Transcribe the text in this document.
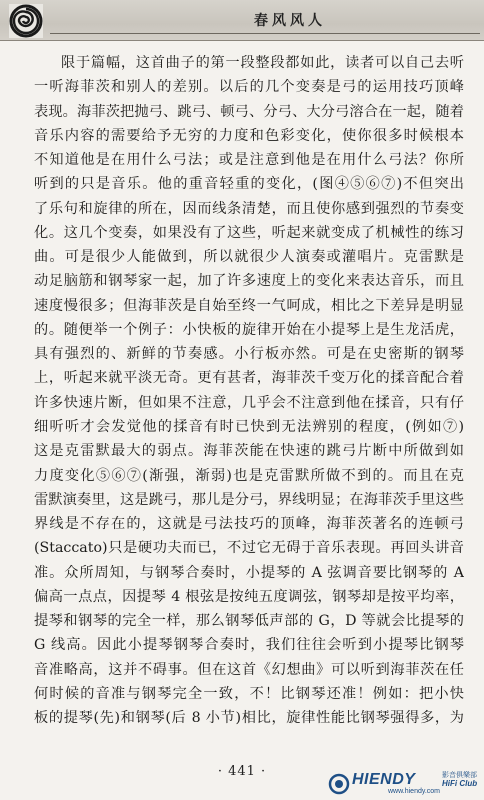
春风风人
限于篇幅，这首曲子的第一段整段都如此，读者可以自己去听
一听海菲茨和别人的差别。以后的几个变奏是弓的运用技巧顶峰
表现。海菲茨把抛弓、跳弓、顿弓、分弓、大分弓溶合在一起，随着
音乐内容的需要给予无穷的力度和色彩变化，使你很多时候根本
不知道他是在用什么弓法；或是注意到他是在用什么弓法？你所
听到的只是音乐。他的重音轻重的变化，(图④⑤⑥⑦)不但突出
了乐句和旋律的所在，因而线条清楚，而且使你感到强烈的节奏变
化。这几个变奏，如果没有了这些，听起来就变成了机械性的练习
曲。可是很少人能做到，所以就很少人演奏或灌唱片。克雷默是
动足脑筋和钢琴家一起，加了许多速度上的变化来表达音乐，而且
速度慢很多；但海菲茨是自始至终一气呵成，相比之下差异是明显
的。随便举一个例子：小快板的旋律开始在小提琴上是生龙活虎，
具有强烈的、新鲜的节奏感。小行板亦然。可是在史密斯的钢琴
上，听起来就平淡无奇。更有甚者，海菲茨千变万化的揉音配合着
许多快速片断，但如果不注意，几乎会不注意到他在揉音，只有仔
细听听才会发觉他的揉音有时已快到无法辨别的程度，(例如⑦)
这是克雷默最大的弱点。海菲茨能在快速的跳弓片断中所做到如
力度变化⑤⑥⑦(渐强，渐弱)也是克雷默所做不到的。而且在克
雷默演奏里，这是跳弓，那儿是分弓，界线明显；在海菲茨手里这些
界线是不存在的，这就是弓法技巧的顶峰，海菲茨著名的连顿弓
(Staccato)只是硬功夫而已，不过它无碍于音乐表现。再回头讲音
准。众所周知，与钢琴合奏时，小提琴的 A 弦调音要比钢琴的 A
偏高一点点，因提琴 4 根弦是按纯五度调弦，钢琴却是按平均率，
提琴和钢琴的完全一样，那么钢琴低声部的 G，D 等就会比提琴的
G 线高。因此小提琴钢琴合奏时，我们往往会听到小提琴比钢琴
音准略高，这并不碍事。但在这首《幻想曲》可以听到海菲茨在任
何时候的音准与钢琴完全一致，不！比钢琴还准！例如：把小快
板的提琴(先)和钢琴(后 8 小节)相比，旋律性能比钢琴强得多，为
· 441 ·	HIENDY	影音俱樂部
HiFi Club
www.hiendy.com
